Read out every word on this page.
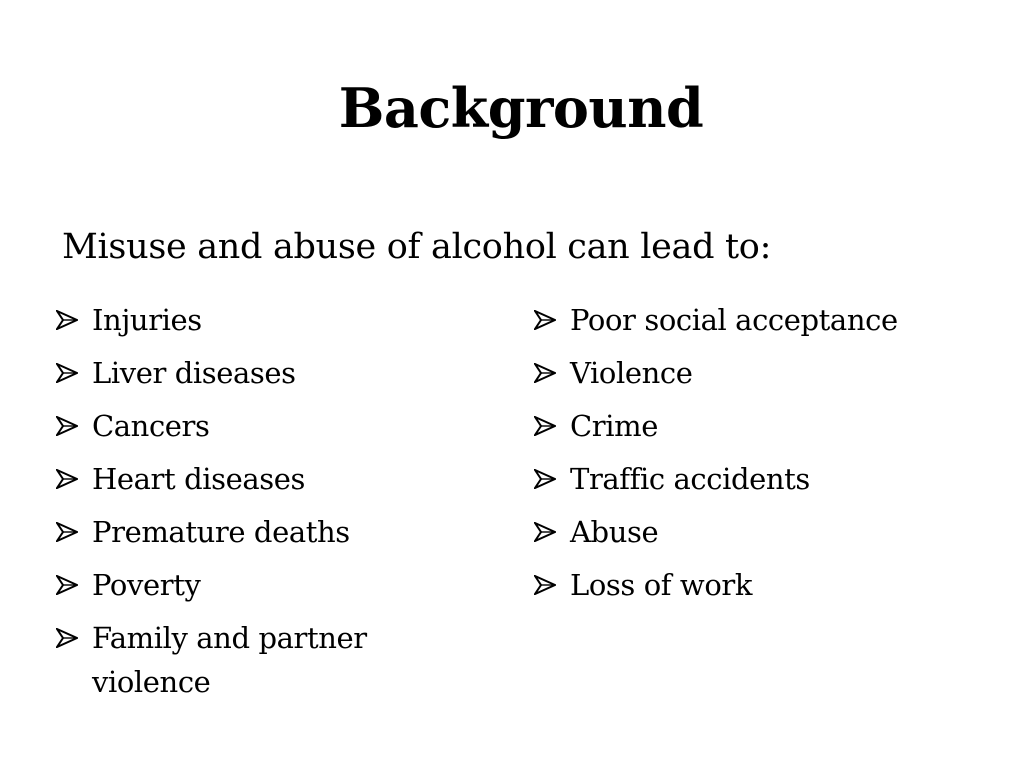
Background
Misuse and abuse of alcohol can lead to:
Injuries
Liver diseases
Cancers
Heart diseases
Premature deaths
Poverty
Family and partner violence
Poor social acceptance
Violence
Crime
Traffic accidents
Abuse
Loss of work
